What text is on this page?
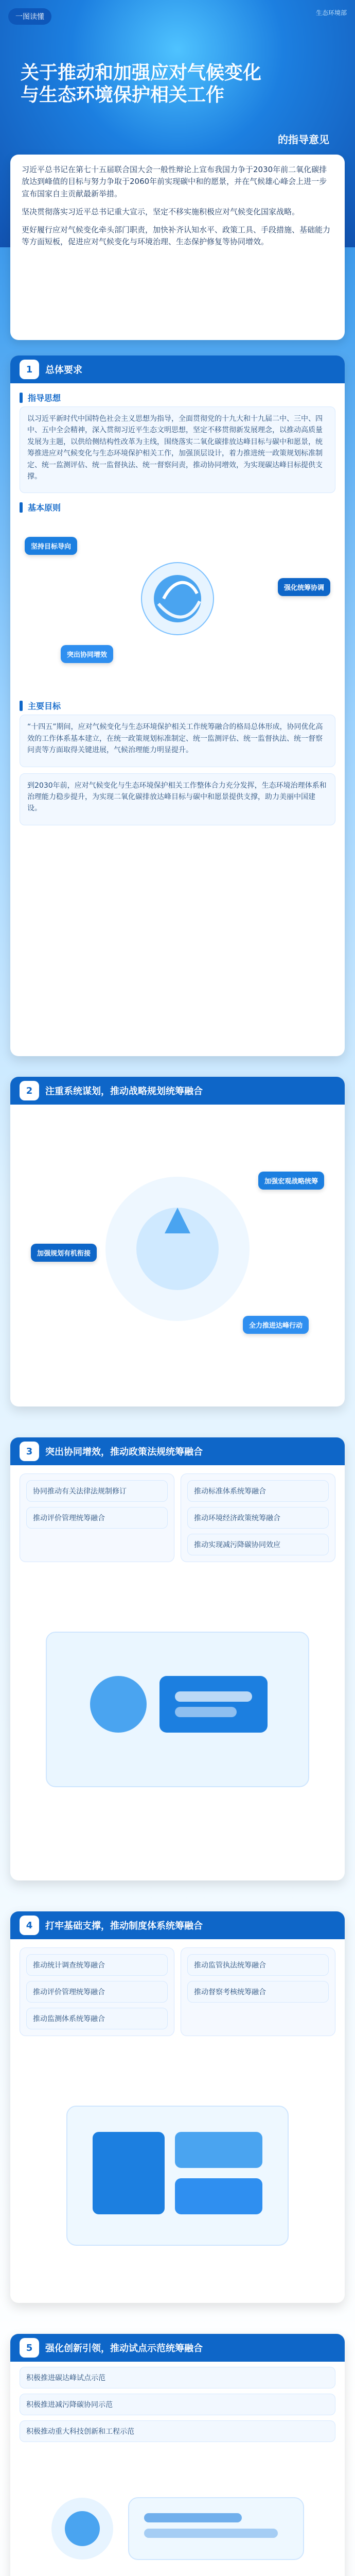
一图读懂	生态环境部
关于推动和加强应对气候变化
与生态环境保护相关工作
的指导意见

习近平总书记在第七十五届联合国大会一般性辩论上宣布我国力争于2030年前二氧化碳排放达到峰值的目标与努力争取于2060年前实现碳中和的愿景，并在气候雄心峰会上进一步宣布国家自主贡献最新举措。

坚决贯彻落实习近平总书记重大宣示，坚定不移实施积极应对气候变化国家战略。

更好履行应对气候变化牵头部门职责，加快补齐认知水平、政策工具、手段措施、基础能力等方面短板，促进应对气候变化与环境治理、生态保护修复等协同增效。

1	总体要求
指导思想

以习近平新时代中国特色社会主义思想为指导，全面贯彻党的十九大和十九届二中、三中、四中、五中全会精神，深入贯彻习近平生态文明思想，坚定不移贯彻新发展理念，以推动高质量发展为主题，以供给侧结构性改革为主线，围绕落实二氧化碳排放达峰目标与碳中和愿景，统筹推进应对气候变化与生态环境保护相关工作，加强顶层设计，着力推进统一政策规划标准制定、统一监测评估、统一监督执法、统一督察问责，推动协同增效，为实现碳达峰目标提供支撑。

基本原则
坚持目标导向
强化统筹协调
突出协同增效
主要目标

“十四五”期间，应对气候变化与生态环境保护相关工作统筹融合的格局总体形成，协同优化高效的工作体系基本建立，在统一政策规划标准制定、统一监测评估、统一监督执法、统一督察问责等方面取得关键进展，气候治理能力明显提升。

到2030年前，应对气候变化与生态环境保护相关工作整体合力充分发挥，生态环境治理体系和治理能力稳步提升，为实现二氧化碳排放达峰目标与碳中和愿景提供支撑，助力美丽中国建设。

2	注重系统谋划，推动战略规划统筹融合
加强宏观战略统筹
加强规划有机衔接
全力推进达峰行动
3	突出协同增效，推动政策法规统筹融合
协同推动有关法律法规制修订
推动评价管理统筹融合
推动标准体系统筹融合
推动环境经济政策统筹融合
推动实现减污降碳协同效应
4	打牢基础支撑，推动制度体系统筹融合
推动统计调查统筹融合
推动评价管理统筹融合
推动监测体系统筹融合
推动监管执法统筹融合
推动督察考核统筹融合
5	强化创新引领，推动试点示范统筹融合
积极推进碳达峰试点示范
积极推进减污降碳协同示范
积极推动重大科技创新和工程示范
